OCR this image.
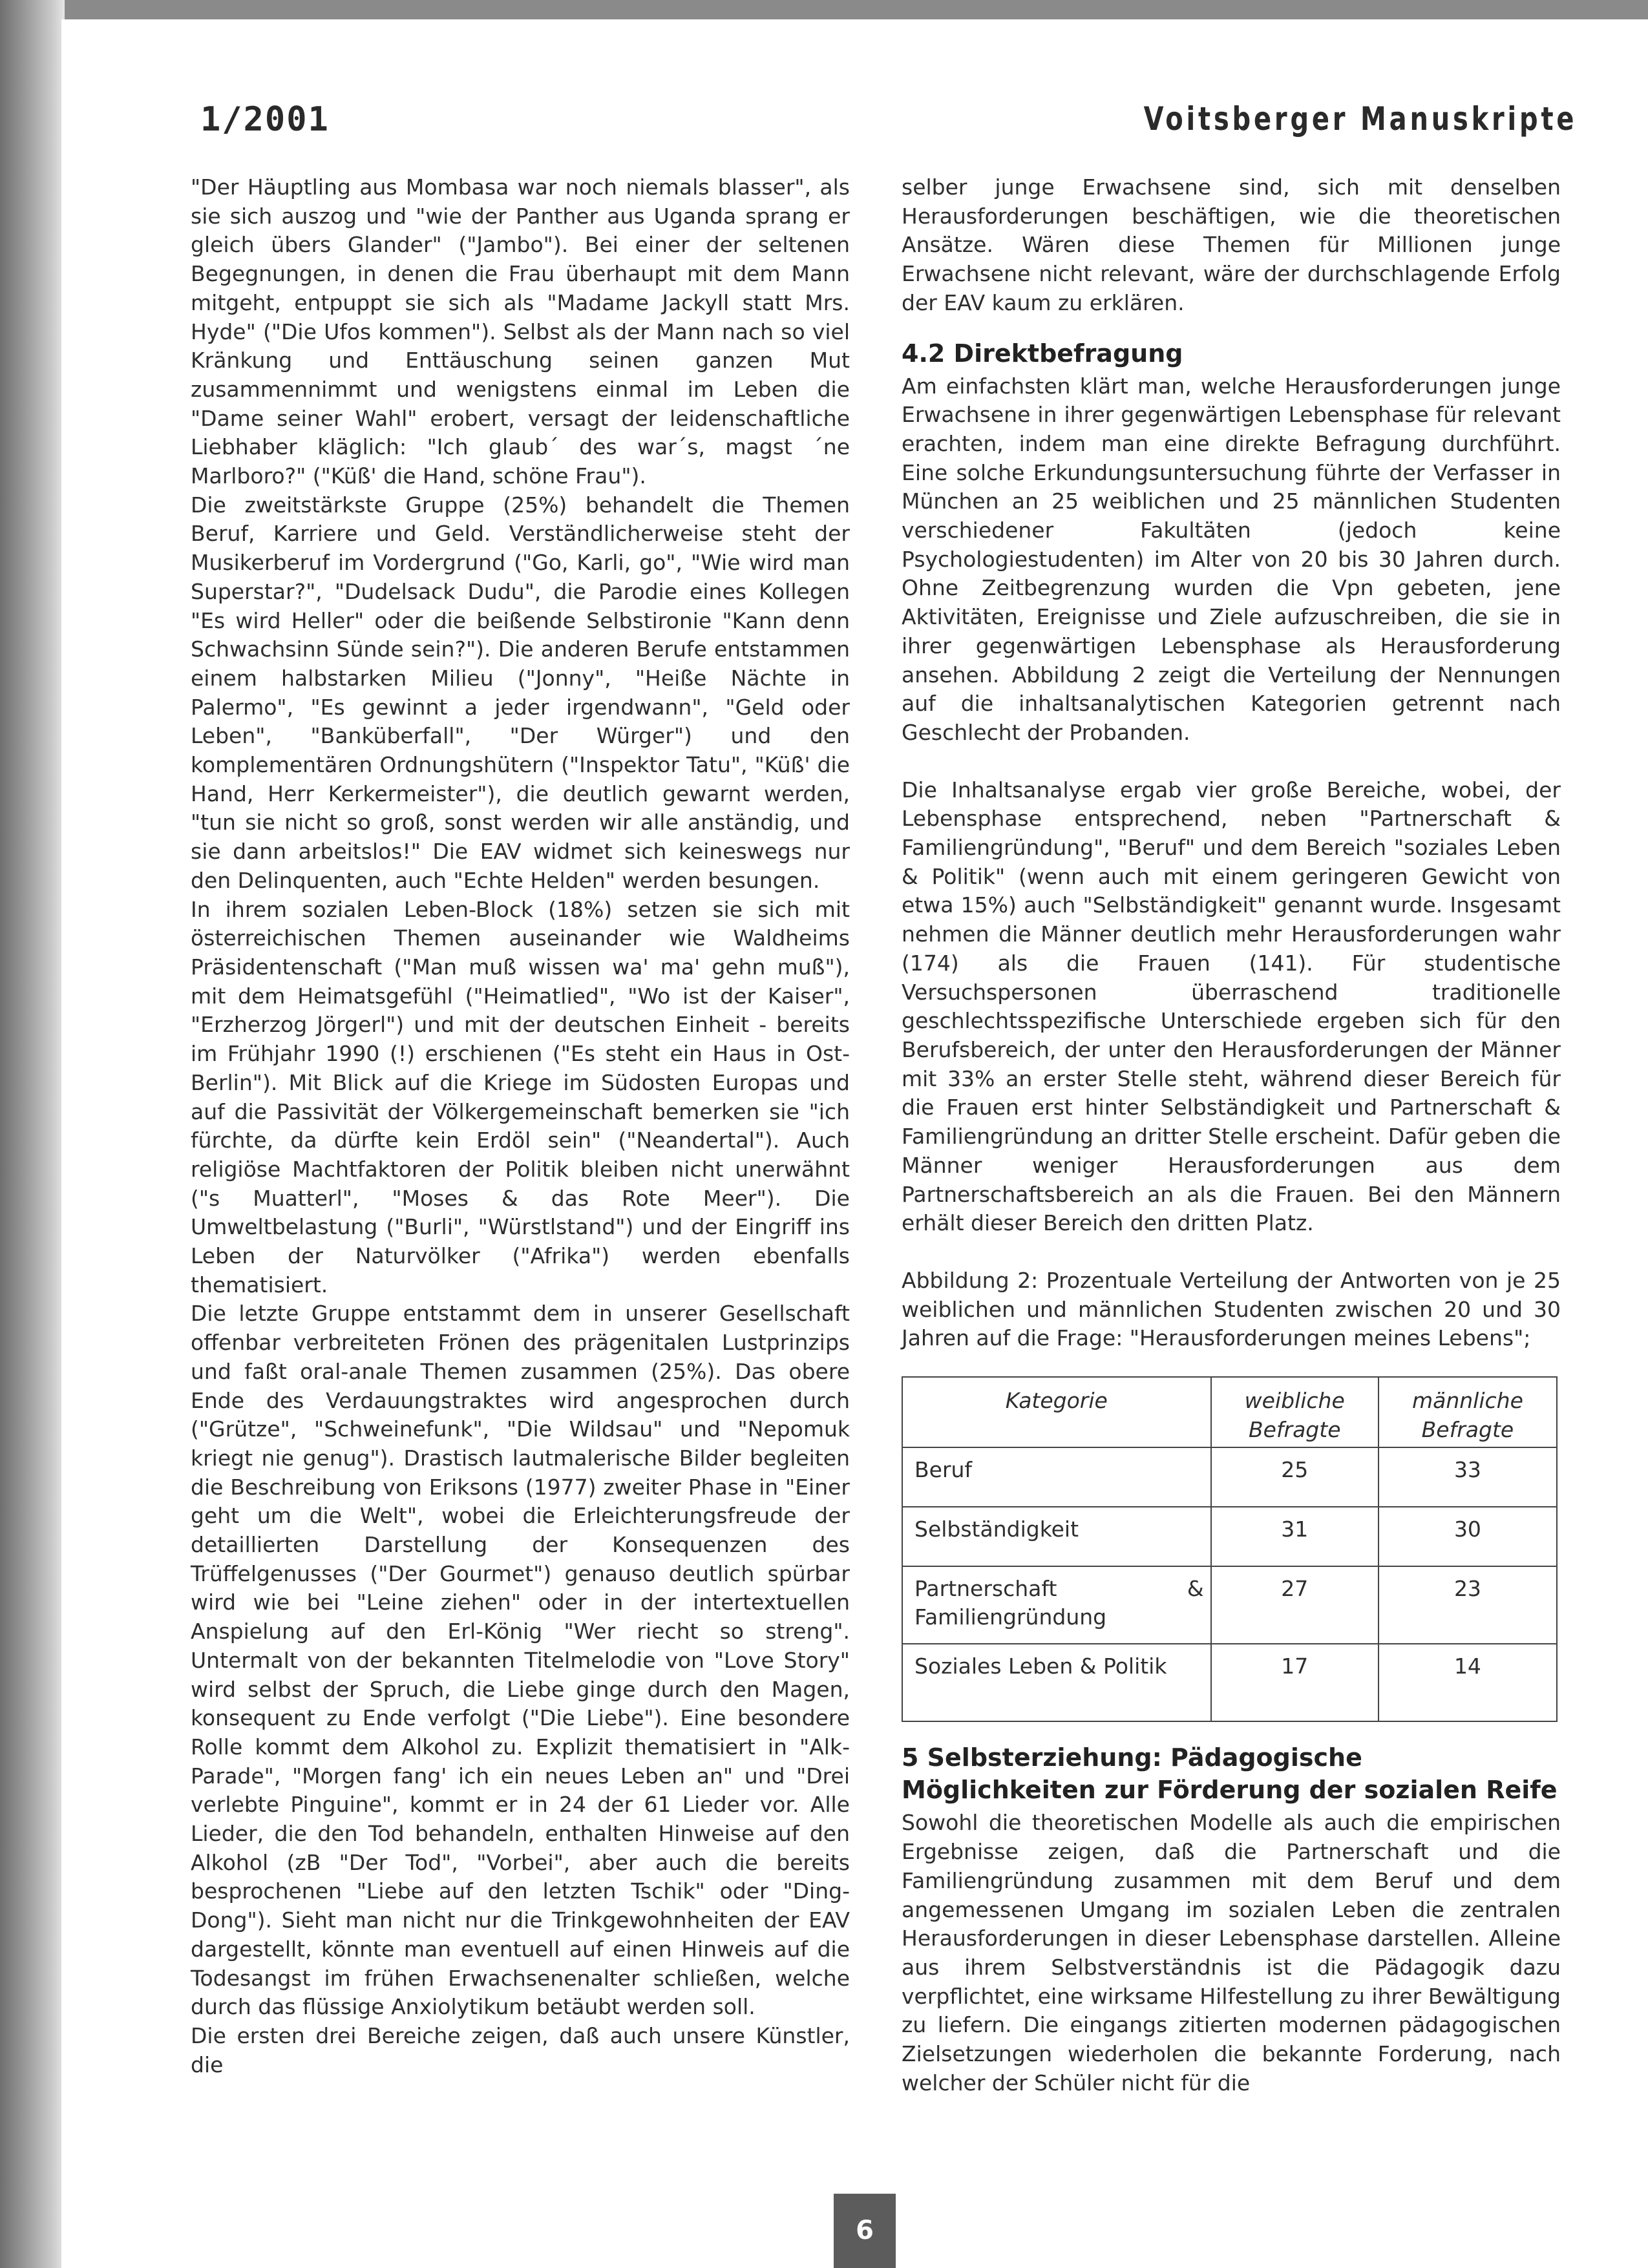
1/2001	Voitsberger Manuskripte

"Der Häuptling aus Mombasa war noch niemals blasser", als sie sich auszog und "wie der Panther aus Uganda sprang er gleich übers Glander" ("Jambo"). Bei einer der seltenen Begegnungen, in denen die Frau überhaupt mit dem Mann mitgeht, entpuppt sie sich als "Madame Jackyll statt Mrs. Hyde" ("Die Ufos kommen"). Selbst als der Mann nach so viel Kränkung und Enttäuschung seinen ganzen Mut zusammennimmt und wenigstens einmal im Leben die "Dame seiner Wahl" erobert, versagt der leidenschaftliche Liebhaber kläglich: "Ich glaub´ des war´s, magst ´ne Marlboro?" ("Küß' die Hand, schöne Frau").

Die zweitstärkste Gruppe (25%) behandelt die Themen Beruf, Karriere und Geld. Verständlicherweise steht der Musikerberuf im Vordergrund ("Go, Karli, go", "Wie wird man Superstar?", "Dudelsack Dudu", die Parodie eines Kollegen "Es wird Heller" oder die beißende Selbstironie "Kann denn Schwachsinn Sünde sein?"). Die anderen Berufe entstammen einem halbstarken Milieu ("Jonny", "Heiße Nächte in Palermo", "Es gewinnt a jeder irgendwann", "Geld oder Leben", "Banküberfall", "Der Würger") und den komplementären Ordnungshütern ("Inspektor Tatu", "Küß' die Hand, Herr Kerkermeister"), die deutlich gewarnt werden, "tun sie nicht so groß, sonst werden wir alle anständig, und sie dann arbeitslos!" Die EAV widmet sich keineswegs nur den Delinquenten, auch "Echte Helden" werden besungen.

In ihrem sozialen Leben-Block (18%) setzen sie sich mit österreichischen Themen auseinander wie Waldheims Präsidentenschaft ("Man muß wissen wa' ma' gehn muß"), mit dem Heimatsgefühl ("Heimatlied", "Wo ist der Kaiser", "Erzherzog Jörgerl") und mit der deutschen Einheit - bereits im Frühjahr 1990 (!) erschienen ("Es steht ein Haus in Ost-Berlin"). Mit Blick auf die Kriege im Südosten Europas und auf die Passivität der Völkergemeinschaft bemerken sie "ich fürchte, da dürfte kein Erdöl sein" ("Neandertal"). Auch religiöse Machtfaktoren der Politik bleiben nicht unerwähnt ("s Muatterl", "Moses & das Rote Meer"). Die Umweltbelastung ("Burli", "Würstlstand") und der Eingriff ins Leben der Naturvölker ("Afrika") werden ebenfalls thematisiert.

Die letzte Gruppe entstammt dem in unserer Gesellschaft offenbar verbreiteten Frönen des prägenitalen Lustprinzips und faßt oral-anale Themen zusammen (25%). Das obere Ende des Verdauungstraktes wird angesprochen durch ("Grütze", "Schweinefunk", "Die Wildsau" und "Nepomuk kriegt nie genug"). Drastisch lautmalerische Bilder begleiten die Beschreibung von Eriksons (1977) zweiter Phase in "Einer geht um die Welt", wobei die Erleichterungsfreude der detaillierten Darstellung der Konsequenzen des Trüffelgenusses ("Der Gourmet") genauso deutlich spürbar wird wie bei "Leine ziehen" oder in der intertextuellen Anspielung auf den Erl-König "Wer riecht so streng". Untermalt von der bekannten Titelmelodie von "Love Story" wird selbst der Spruch, die Liebe ginge durch den Magen, konsequent zu Ende verfolgt ("Die Liebe"). Eine besondere Rolle kommt dem Alkohol zu. Explizit thematisiert in "Alk-Parade", "Morgen fang' ich ein neues Leben an" und "Drei verlebte Pinguine", kommt er in 24 der 61 Lieder vor. Alle Lieder, die den Tod behandeln, enthalten Hinweise auf den Alkohol (zB "Der Tod", "Vorbei", aber auch die bereits besprochenen "Liebe auf den letzten Tschik" oder "Ding-Dong"). Sieht man nicht nur die Trinkgewohnheiten der EAV dargestellt, könnte man eventuell auf einen Hinweis auf die Todesangst im frühen Erwachsenenalter schließen, welche durch das flüssige Anxiolytikum betäubt werden soll.

Die ersten drei Bereiche zeigen, daß auch unsere Künstler, die

selber junge Erwachsene sind, sich mit denselben Herausforderungen beschäftigen, wie die theoretischen Ansätze. Wären diese Themen für Millionen junge Erwachsene nicht relevant, wäre der durchschlagende Erfolg der EAV kaum zu erklären.

4.2 Direktbefragung

Am einfachsten klärt man, welche Herausforderungen junge Erwachsene in ihrer gegenwärtigen Lebensphase für relevant erachten, indem man eine direkte Befragung durchführt. Eine solche Erkundungsuntersuchung führte der Verfasser in München an 25 weiblichen und 25 männlichen Studenten verschiedener Fakultäten (jedoch keine Psychologiestudenten) im Alter von 20 bis 30 Jahren durch. Ohne Zeitbegrenzung wurden die Vpn gebeten, jene Aktivitäten, Ereignisse und Ziele aufzuschreiben, die sie in ihrer gegenwärtigen Lebensphase als Herausforderung ansehen. Abbildung 2 zeigt die Verteilung der Nennungen auf die inhaltsanalytischen Kategorien getrennt nach Geschlecht der Probanden.

Die Inhaltsanalyse ergab vier große Bereiche, wobei, der Lebensphase entsprechend, neben "Partnerschaft & Familiengründung", "Beruf" und dem Bereich "soziales Leben & Politik" (wenn auch mit einem geringeren Gewicht von etwa 15%) auch "Selbständigkeit" genannt wurde. Insgesamt nehmen die Männer deutlich mehr Herausforderungen wahr (174) als die Frauen (141). Für studentische Versuchspersonen überraschend traditionelle geschlechtsspezifische Unterschiede ergeben sich für den Berufsbereich, der unter den Herausforderungen der Männer mit 33% an erster Stelle steht, während dieser Bereich für die Frauen erst hinter Selbständigkeit und Partnerschaft & Familiengründung an dritter Stelle erscheint. Dafür geben die Männer weniger Herausforderungen aus dem Partnerschaftsbereich an als die Frauen. Bei den Männern erhält dieser Bereich den dritten Platz.

Abbildung 2: Prozentuale Verteilung der Antworten von je 25 weiblichen und männlichen Studenten zwischen 20 und 30 Jahren auf die Frage: "Herausforderungen meines Lebens";

Kategorie	weibliche Befragte	männliche Befragte
Beruf	25	33
Selbständigkeit	31	30
Partnerschaft & Familiengründung	27	23
Soziales Leben & Politik	17	14
5 Selbsterziehung: Pädagogische Möglichkeiten zur Förderung der sozialen Reife

Sowohl die theoretischen Modelle als auch die empirischen Ergebnisse zeigen, daß die Partnerschaft und die Familiengründung zusammen mit dem Beruf und dem angemessenen Umgang im sozialen Leben die zentralen Herausforderungen in dieser Lebensphase darstellen. Alleine aus ihrem Selbstverständnis ist die Pädagogik dazu verpflichtet, eine wirksame Hilfestellung zu ihrer Bewältigung zu liefern. Die eingangs zitierten modernen pädagogischen Zielsetzungen wiederholen die bekannte Forderung, nach welcher der Schüler nicht für die

6
